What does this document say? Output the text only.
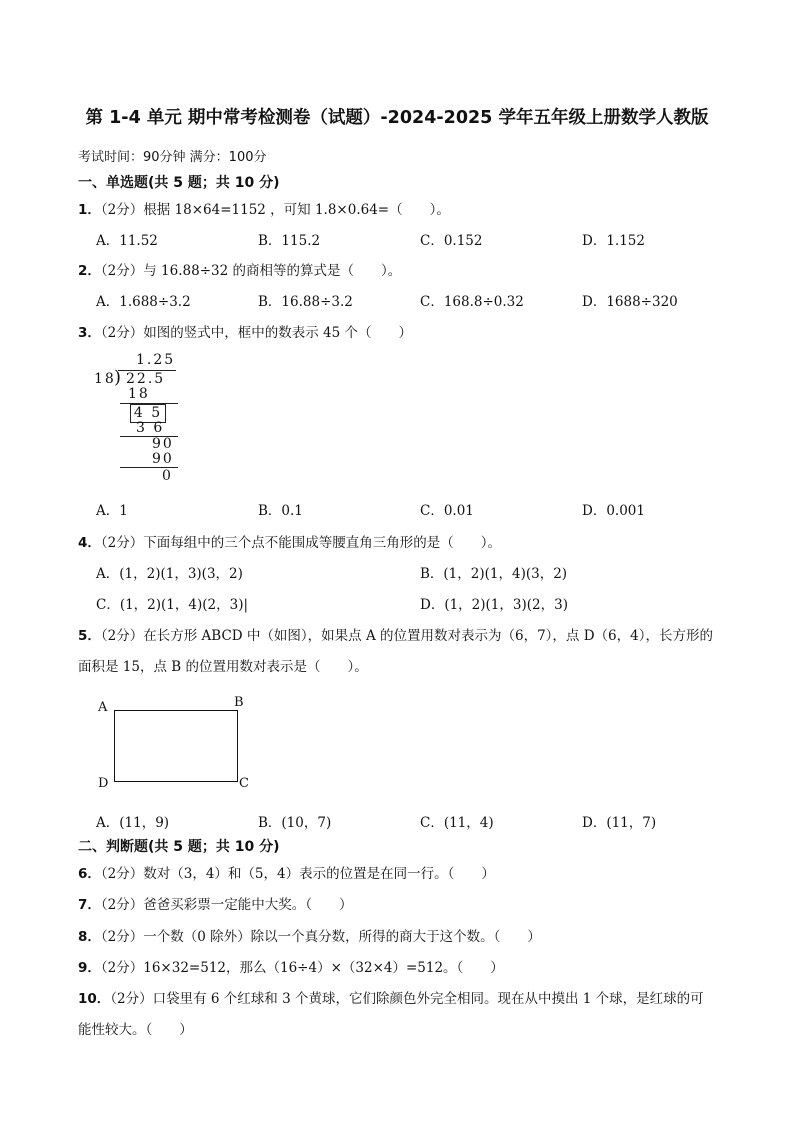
第 1-4 单元 期中常考检测卷（试题）-2024-2025 学年五年级上册数学人教版
考试时间：90分钟 满分：100分
一、单选题(共 5 题；共 10 分)
1．（2分）根据 18×64=1152 ，可知 1.8×0.64=（　　）。
A．11.52	B．115.2	C．0.152	D．1.152
2．（2分）与 16.88÷32 的商相等的算式是（　　）。
A．1.688÷3.2	B．16.88÷3.2	C．168.8÷0.32	D．1688÷320
3．（2分）如图的竖式中，框中的数表示 45 个（　　）
1.25
18
) 22.5
18
4 5
3 6
90
90
0
A．1	B．0.1	C．0.01	D．0.001
4．（2分）下面每组中的三个点不能围成等腰直角三角形的是（　　）。
A．(1，2)(1，3)(3，2)	B．(1，2)(1，4)(3，2)
C．(1，2)(1，4)(2，3)|	D．(1，2)(1，3)(2，3)
5．（2分）在长方形 ABCD 中（如图），如果点 A 的位置用数对表示为（6，7），点 D（6，4），长方形的
面积是 15，点 B 的位置用数对表示是（　　）。
A	B
C
D
A．(11，9)	B．(10，7)	C．(11，4)	D．(11，7)
二、判断题(共 5 题；共 10 分)
6．（2分）数对（3，4）和（5，4）表示的位置是在同一行。（　　）
7．（2分）爸爸买彩票一定能中大奖。（　　）
8．（2分）一个数（0 除外）除以一个真分数，所得的商大于这个数。（　　）
9．（2分）16×32=512，那么（16÷4）×（32×4）=512。（　　）
10．（2分）口袋里有 6 个红球和 3 个黄球，它们除颜色外完全相同。现在从中摸出 1 个球，是红球的可
能性较大。（　　）
